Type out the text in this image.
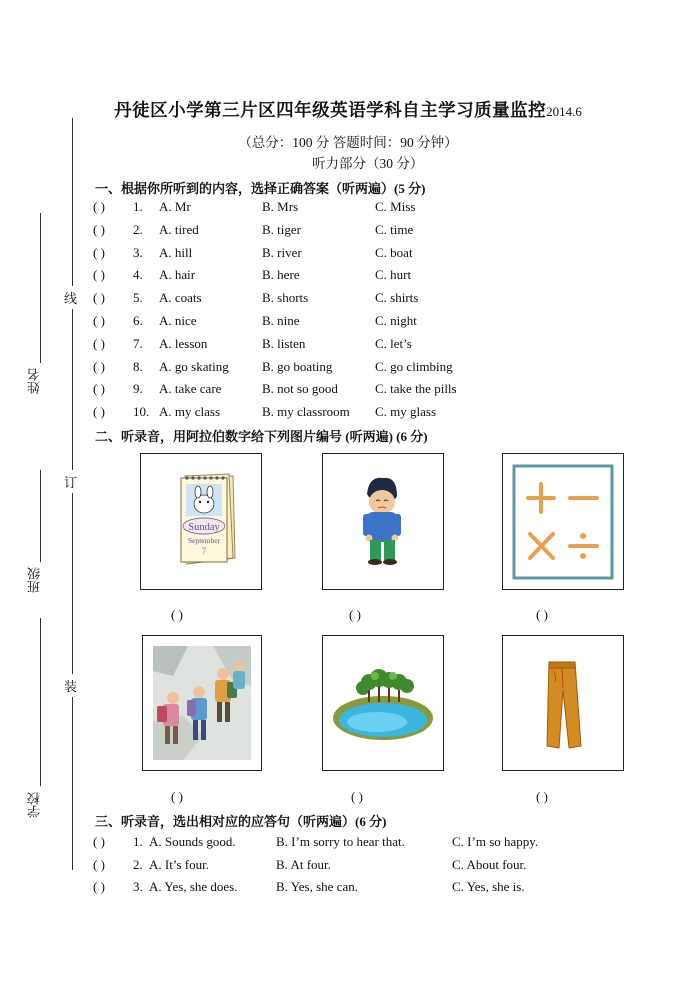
丹徒区小学第三片区四年级英语学科自主学习质量监控2014.6
（总分：100 分 答题时间：90 分钟）
听力部分（30 分）
线
订
装
姓名
班级
学校
一、根据你所听到的内容，选择正确答案（听两遍）(5 分)
( ) 1. A. Mr	B. Mrs	C. Miss
( ) 2. A. tired	B. tiger	C. time
( ) 3. A. hill	B. river	C. boat
( ) 4. A. hair	B. here	C. hurt
( ) 5. A. coats	B. shorts	C. shirts
( ) 6. A. nice	B. nine	C. night
( ) 7. A. lesson	B. listen	C. let’s
( ) 8. A. go skating	B. go boating	C. go climbing
( ) 9. A. take care	B. not so good	C. take the pills
( ) 10. A. my class	B. my classroom C. my glass
二、听录音，用阿拉伯数字给下列图片编号 (听两遍) (6 分)
Sunday
September
7
( )	( )	( )
( )	( )	( )
三、听录音，选出相对应的应答句（听两遍）(6 分)
( ) 1. A. Sounds good.	B. I’m sorry to hear that.	C. I’m so happy.
( ) 2. A. It’s four.	B. At four.	C. About four.
( ) 3. A. Yes, she does.	B. Yes, she can.	C. Yes, she is.
